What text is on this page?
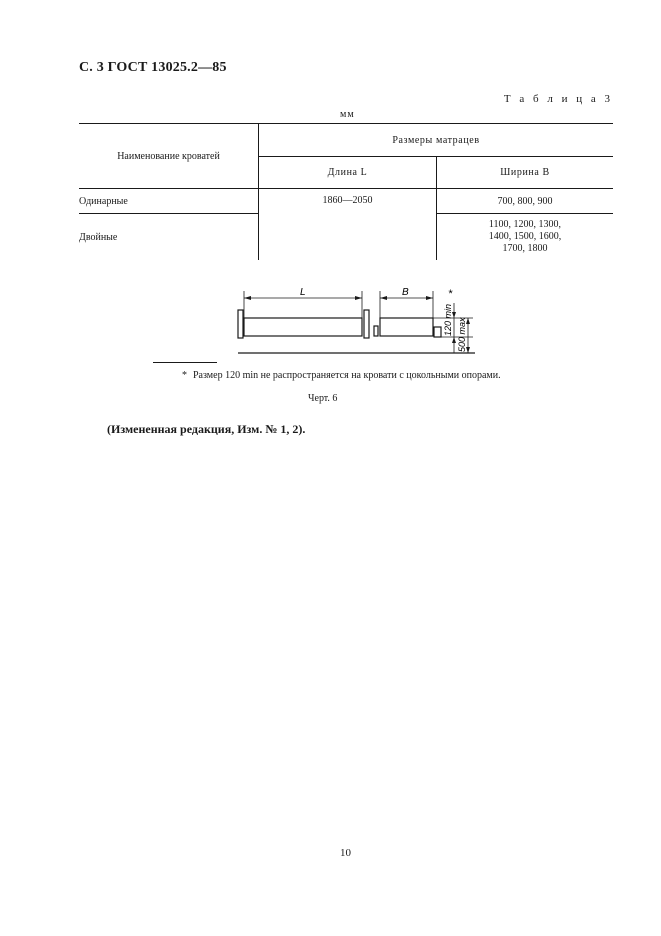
С. 3 ГОСТ 13025.2—85
Т а б л и ц а 3
мм
Наименование кроватей	Размеры матрацев	
	Длина L	Ширина B
Одинарные	1860—2050	700, 800, 900
Двойные		1100, 1200, 1300,
1400, 1500, 1600,
1700, 1800
L	B
120 min 500 max
*
* Размер 120 min не распространяется на кровати с цокольными опорами.
Черт. 6
(Измененная редакция, Изм. № 1, 2).
10
